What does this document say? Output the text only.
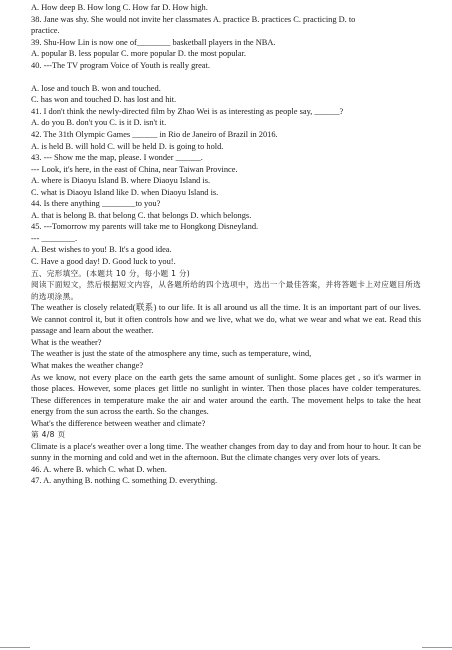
A. How deep B. How long C. How far D. How high.
38. Jane was shy. She would not invite her classmates A. practice B. practices C. practicing D. to
practice.
39. Shu-How Lin is now one of________ basketball players in the NBA.
A. popular B. less popular C. more popular D. the most popular.
40. ---The TV program Voice of Youth is really great.
A. lose and touch B. won and touched.
C. has won and touched D. has lost and hit.
41. I don't think the newly-directed film by Zhao Wei is as interesting as people say, ______?
A. do you B. don't you C. is it D. isn't it.
42. The 31th Olympic Games ______ in Rio de Janeiro of Brazil in 2016.
A. is held B. will hold C. will be held D. is going to hold.
43. --- Show me the map, please. I wonder ______.
--- Look, it's here, in the east of China, near Taiwan Province.
A. where is Diaoyu Island B. where Diaoyu Island is.
C. what is Diaoyu Island like D. when Diaoyu Island is.
44. Is there anything ________to you?
A. that is belong B. that belong C. that belongs D. which belongs.
45. ---Tomorrow my parents will take me to Hongkong Disneyland.
--- ________.
A. Best wishes to you! B. It's a good idea.
C. Have a good day! D. Good luck to you!.
五、完形填空。(本题共 10 分，每小题 1 分)
阅读下面短文，然后根据短文内容，从各题所给的四个选项中，选出一个最佳答案，并将答题卡上对应题目所选的选项涂黑。
The weather is closely related(联系) to our life. It is all around us all the time. It is an important part of our lives. We cannot control it, but it often controls how and we live, what we do, what we wear and what we eat. Read this passage and learn about the weather.
What is the weather?
The weather is just the state of the atmosphere any time, such as temperature, wind,
What makes the weather change?
As we know, not every place on the earth gets the same amount of sunlight. Some places get , so it's warmer in those places. However, some places get little no sunlight in winter. Then those places have colder temperatures. These differences in temperature make the air and water around the earth. The movement helps to take the heat energy from the sun across the earth. So the changes.
What's the difference between weather and climate?
第 4/8 页
Climate is a place's weather over a long time. The weather changes from day to day and from hour to hour. It can be sunny in the morning and cold and wet in the afternoon. But the climate changes very over lots of years.
46. A. where B. which C. what D. when.
47. A. anything B. nothing C. something D. everything.
